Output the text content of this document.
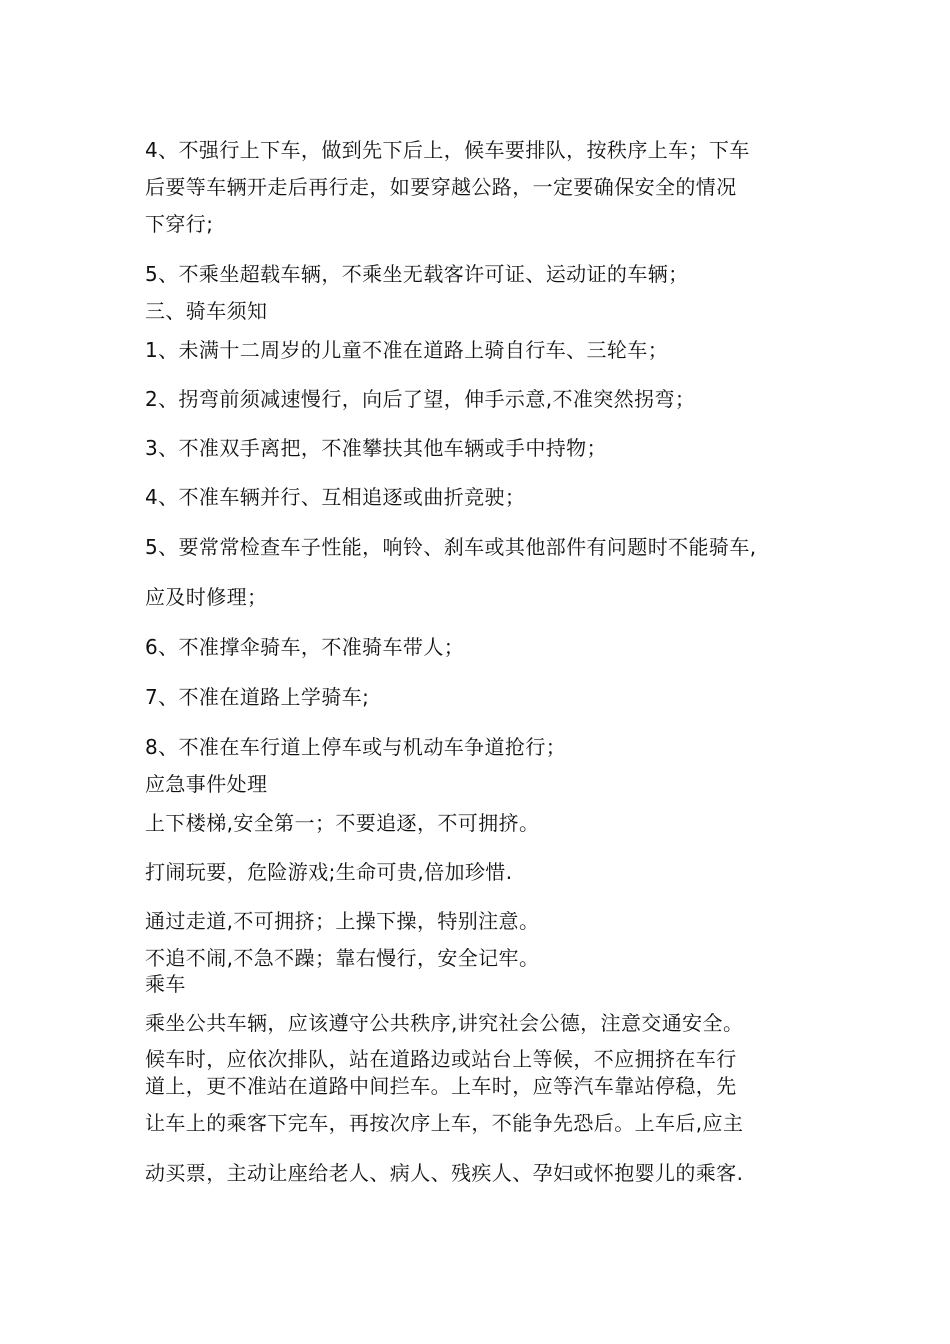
4、不强行上下车，做到先下后上，候车要排队，按秩序上车；下车
后要等车辆开走后再行走，如要穿越公路，一定要确保安全的情况
下穿行;
5、不乘坐超载车辆，不乘坐无载客许可证、运动证的车辆；
三、骑车须知
1、未满十二周岁的儿童不准在道路上骑自行车、三轮车；
2、拐弯前须减速慢行，向后了望，伸手示意,不准突然拐弯；
3、不准双手离把，不准攀扶其他车辆或手中持物；
4、不准车辆并行、互相追逐或曲折竞驶；
5、要常常检查车子性能，响铃、刹车或其他部件有问题时不能骑车,
应及时修理；
6、不准撑伞骑车，不准骑车带人；
7、不准在道路上学骑车;
8、不准在车行道上停车或与机动车争道抢行；
应急事件处理
上下楼梯,安全第一；不要追逐，不可拥挤。
打闹玩要，危险游戏;生命可贵,倍加珍惜.
通过走道,不可拥挤；上操下操，特别注意。
不追不闹,不急不躁；靠右慢行，安全记牢。
乘车
乘坐公共车辆，应该遵守公共秩序,讲究社会公德，注意交通安全。
候车时，应依次排队，站在道路边或站台上等候，不应拥挤在车行
道上，更不准站在道路中间拦车。上车时，应等汽车靠站停稳，先
让车上的乘客下完车，再按次序上车，不能争先恐后。上车后,应主
动买票，主动让座给老人、病人、残疾人、孕妇或怀抱婴儿的乘客.
